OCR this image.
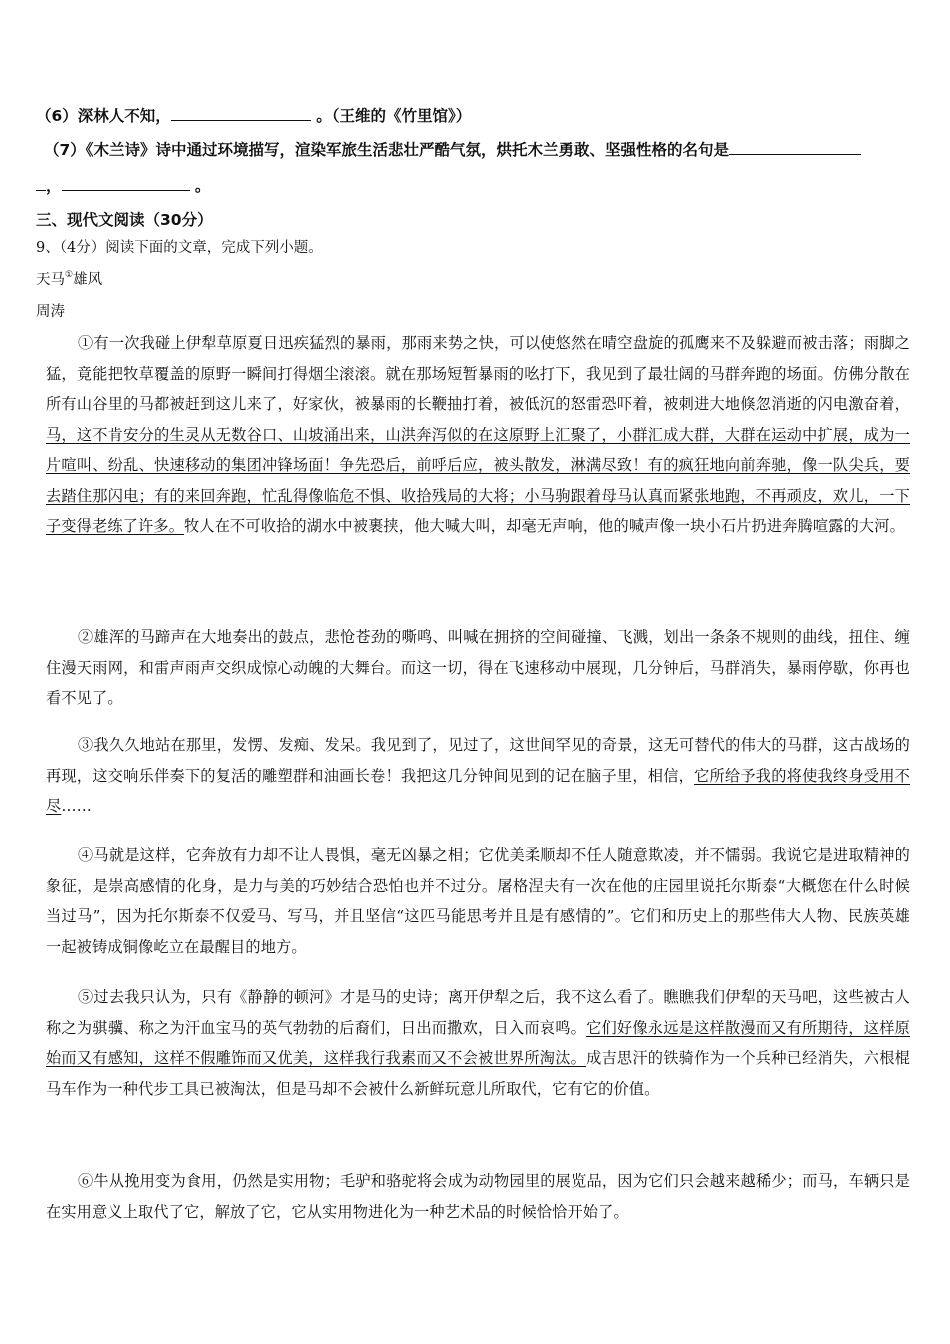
（6）深林人不知，	。（王维的《竹里馆》）
（7）《木兰诗》诗中通过环境描写，渲染军旅生活悲壮严酷气氛，烘托木兰勇敢、坚强性格的名句是
，	。
三、现代文阅读（30分）
9、（4分）阅读下面的文章，完成下列小题。
天马①雄风
周涛

①有一次我碰上伊犁草原夏日迅疾猛烈的暴雨，那雨来势之快，可以使悠然在晴空盘旋的孤鹰来不及躲避而被击落；雨脚之猛，竟能把牧草覆盖的原野一瞬间打得烟尘滚滚。就在那场短暂暴雨的吆打下，我见到了最壮阔的马群奔跑的场面。仿佛分散在所有山谷里的马都被赶到这儿来了，好家伙，被暴雨的长鞭抽打着，被低沉的怒雷恐吓着，被刺进大地倏忽消逝的闪电激奋着，马，这不肯安分的生灵从无数谷口、山坡涌出来，山洪奔泻似的在这原野上汇聚了，小群汇成大群，大群在运动中扩展，成为一片喧叫、纷乱、快速移动的集团冲锋场面！争先恐后，前呼后应，被头散发，淋满尽致！有的疯狂地向前奔驰，像一队尖兵，要去踏住那闪电；有的来回奔跑，忙乱得像临危不惧、收拾残局的大将；小马驹跟着母马认真而紧张地跑，不再顽皮，欢儿，一下子变得老练了许多。牧人在不可收拾的湖水中被裹挟，他大喊大叫，却毫无声响，他的喊声像一块小石片扔进奔腾喧露的大河。

②雄浑的马蹄声在大地奏出的鼓点，悲怆苍劲的嘶鸣、叫喊在拥挤的空间碰撞、飞溅，划出一条条不规则的曲线，扭住、缠住漫天雨网，和雷声雨声交织成惊心动魄的大舞台。而这一切，得在飞速移动中展现，几分钟后，马群消失，暴雨停歇，你再也看不见了。

③我久久地站在那里，发愣、发痴、发呆。我见到了，见过了，这世间罕见的奇景，这无可替代的伟大的马群，这古战场的再现，这交响乐伴奏下的复活的雕塑群和油画长卷！我把这几分钟间见到的记在脑子里，相信，它所给予我的将使我终身受用不尽……

④马就是这样，它奔放有力却不让人畏惧，毫无凶暴之相；它优美柔顺却不任人随意欺凌，并不懦弱。我说它是进取精神的象征，是崇高感情的化身，是力与美的巧妙结合恐怕也并不过分。屠格涅夫有一次在他的庄园里说托尔斯泰“大概您在什么时候当过马”，因为托尔斯泰不仅爱马、写马，并且坚信“这匹马能思考并且是有感情的”。它们和历史上的那些伟大人物、民族英雄一起被铸成铜像屹立在最醒目的地方。

⑤过去我只认为，只有《静静的顿河》才是马的史诗；离开伊犁之后，我不这么看了。瞧瞧我们伊犁的天马吧，这些被古人称之为骐骥、称之为汗血宝马的英气勃勃的后裔们，日出而撒欢，日入而哀鸣。它们好像永远是这样散漫而又有所期待，这样原始而又有感知，这样不假雕饰而又优美，这样我行我素而又不会被世界所淘汰。成吉思汗的铁骑作为一个兵种已经消失，六根棍马车作为一种代步工具已被淘汰，但是马却不会被什么新鲜玩意儿所取代，它有它的价值。

⑥牛从挽用变为食用，仍然是实用物；毛驴和骆驼将会成为动物园里的展览品，因为它们只会越来越稀少；而马，车辆只是在实用意义上取代了它，解放了它，它从实用物进化为一种艺术品的时候恰恰开始了。
